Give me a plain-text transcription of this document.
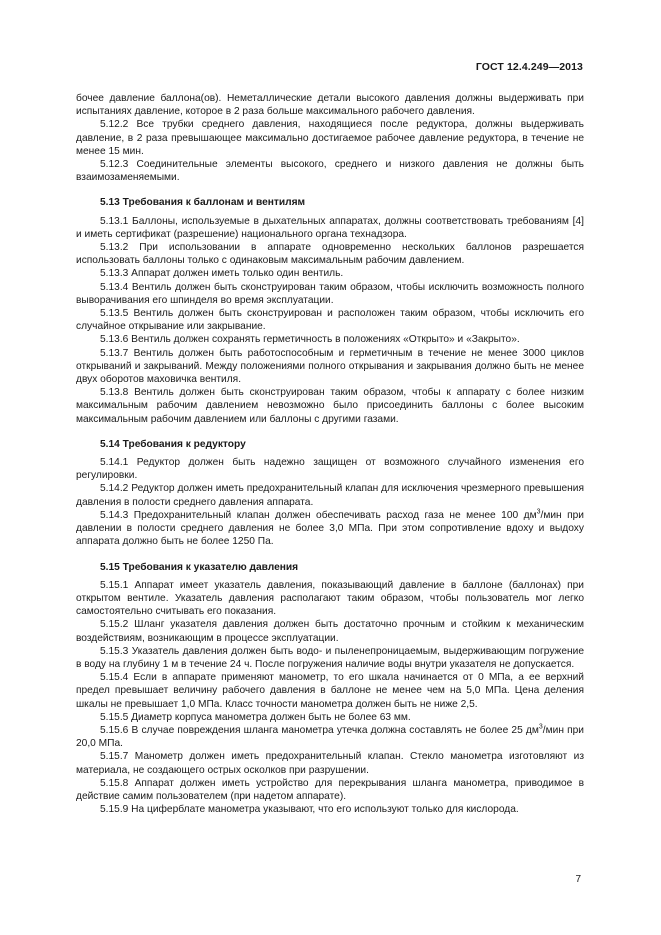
ГОСТ 12.4.249—2013

бочее давление баллона(ов). Неметаллические детали высокого давления должны выдерживать при испытаниях давление, которое в 2 раза больше максимального рабочего давления.

5.12.2 Все трубки среднего давления, находящиеся после редуктора, должны выдерживать давление, в 2 раза превышающее максимально достигаемое рабочее давление редуктора, в течение не менее 15 мин.

5.12.3 Соединительные элементы высокого, среднего и низкого давления не должны быть взаимозаменяемыми.

5.13 Требования к баллонам и вентилям

5.13.1 Баллоны, используемые в дыхательных аппаратах, должны соответствовать требованиям [4] и иметь сертификат (разрешение) национального органа технадзора.

5.13.2 При использовании в аппарате одновременно нескольких баллонов разрешается использовать баллоны только с одинаковым максимальным рабочим давлением.

5.13.3 Аппарат должен иметь только один вентиль.

5.13.4 Вентиль должен быть сконструирован таким образом, чтобы исключить возможность полного выворачивания его шпинделя во время эксплуатации.

5.13.5 Вентиль должен быть сконструирован и расположен таким образом, чтобы исключить его случайное открывание или закрывание.

5.13.6 Вентиль должен сохранять герметичность в положениях «Открыто» и «Закрыто».

5.13.7 Вентиль должен быть работоспособным и герметичным в течение не менее 3000 циклов открываний и закрываний. Между положениями полного открывания и закрывания должно быть не менее двух оборотов маховичка вентиля.

5.13.8 Вентиль должен быть сконструирован таким образом, чтобы к аппарату с более низким максимальным рабочим давлением невозможно было присоединить баллоны с более высоким максимальным рабочим давлением или баллоны с другими газами.

5.14 Требования к редуктору

5.14.1 Редуктор должен быть надежно защищен от возможного случайного изменения его регулировки.

5.14.2 Редуктор должен иметь предохранительный клапан для исключения чрезмерного превышения давления в полости среднего давления аппарата.

5.14.3 Предохранительный клапан должен обеспечивать расход газа не менее 100 $дм^3$/мин при давлении в полости среднего давления не более 3,0 МПа. При этом сопротивление вдоху и выдоху аппарата должно быть не более 1250 Па.

5.15 Требования к указателю давления

5.15.1 Аппарат имеет указатель давления, показывающий давление в баллоне (баллонах) при открытом вентиле. Указатель давления располагают таким образом, чтобы пользователь мог легко самостоятельно считывать его показания.

5.15.2 Шланг указателя давления должен быть достаточно прочным и стойким к механическим воздействиям, возникающим в процессе эксплуатации.

5.15.3 Указатель давления должен быть водо- и пыленепроницаемым, выдерживающим погружение в воду на глубину 1 м в течение 24 ч. После погружения наличие воды внутри указателя не допускается.

5.15.4 Если в аппарате применяют манометр, то его шкала начинается от 0 МПа, а ее верхний предел превышает величину рабочего давления в баллоне не менее чем на 5,0 МПа. Цена деления шкалы не превышает 1,0 МПа. Класс точности манометра должен быть не ниже 2,5.

5.15.5 Диаметр корпуса манометра должен быть не более 63 мм.

5.15.6 В случае повреждения шланга манометра утечка должна составлять не более 25 $дм^3$/мин при 20,0 МПа.

5.15.7 Манометр должен иметь предохранительный клапан. Стекло манометра изготовляют из материала, не создающего острых осколков при разрушении.

5.15.8 Аппарат должен иметь устройство для перекрывания шланга манометра, приводимое в действие самим пользователем (при надетом аппарате).

5.15.9 На циферблате манометра указывают, что его используют только для кислорода.

7
